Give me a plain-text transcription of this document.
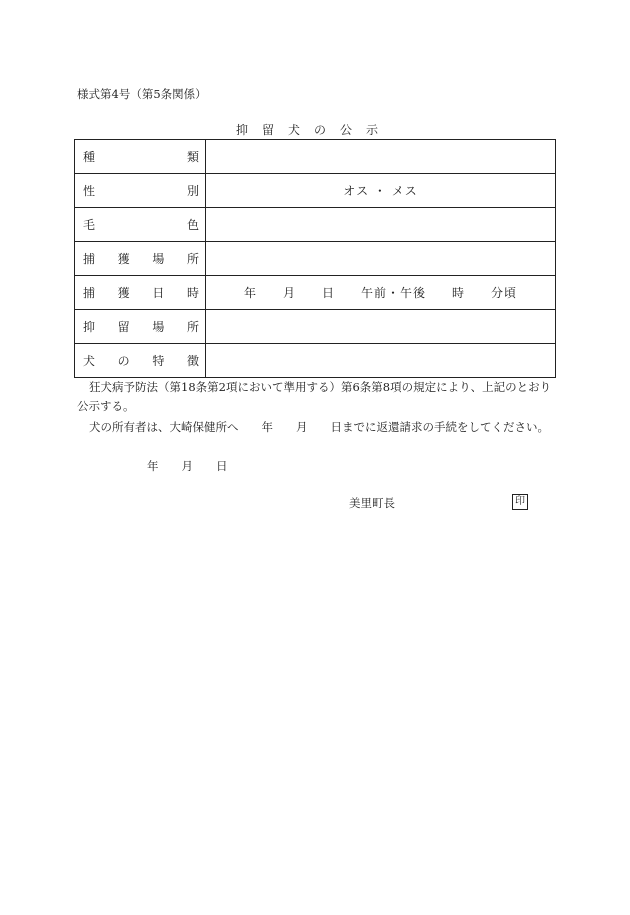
様式第4号（第5条関係）
抑留犬の公示
種 類	

性 別	オス ・ メス

毛 色	

捕 獲 場 所	

捕 獲 日 時	年　　月　　日　　午前・午後　　時　　分頃

抑 留 場 所	

犬 の 特 徴	

狂犬病予防法（第18条第2項において準用する）第6条第8項の規定により、上記のとおり公示する。
犬の所有者は、大崎保健所へ　　年　　月　　日までに返還請求の手続をしてください。
年　　月　　日
美里町長	印
